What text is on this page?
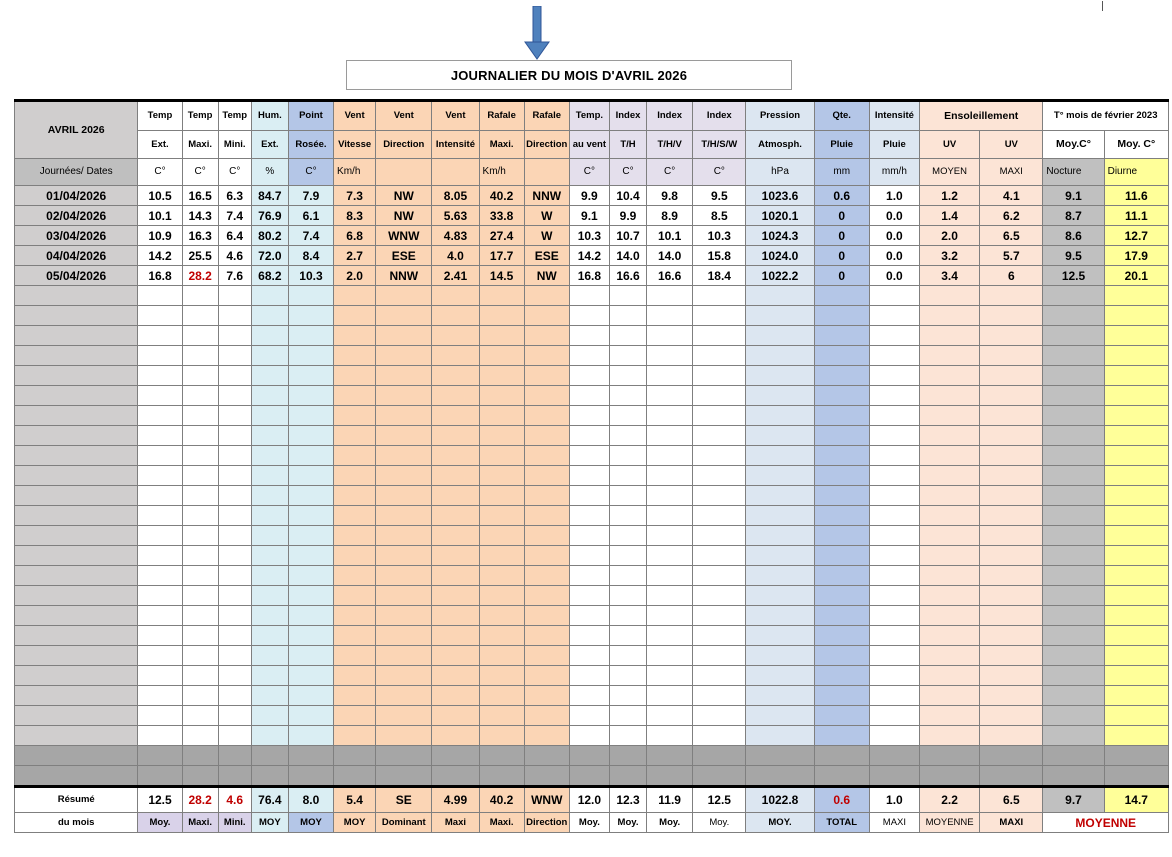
JOURNALIER DU MOIS D'AVRIL 2026
AVRIL 2026	Temp	Temp	Temp	Hum.	Point	Vent	Vent	Vent	Rafale	Rafale	Temp.	Index	Index	Index	Pression	Qte.	Intensité	Ensoleillement		T° mois de février 2023	
	Ext.	Maxi.	Mini.	Ext.	Rosée.	Vitesse	Direction	Intensité	Maxi.	Direction	au vent	T/H	T/H/V	T/H/S/W	Atmosph.	Pluie	Pluie	UV	UV	Moy.C°	Moy. C°
Journées/ Dates	C°	C°	C°	%	C°	Km/h			Km/h		C°	C°	C°	C°	hPa	mm	mm/h	MOYEN	MAXI	Nocture	Diurne
01/04/2026	10.5	16.5	6.3	84.7	7.9	7.3	NW	8.05	40.2	NNW	9.9	10.4	9.8	9.5	1023.6	0.6	1.0	1.2	4.1	9.1	11.6
02/04/2026	10.1	14.3	7.4	76.9	6.1	8.3	NW	5.63	33.8	W	9.1	9.9	8.9	8.5	1020.1	0	0.0	1.4	6.2	8.7	11.1
03/04/2026	10.9	16.3	6.4	80.2	7.4	6.8	WNW	4.83	27.4	W	10.3	10.7	10.1	10.3	1024.3	0	0.0	2.0	6.5	8.6	12.7
04/04/2026	14.2	25.5	4.6	72.0	8.4	2.7	ESE	4.0	17.7	ESE	14.2	14.0	14.0	15.8	1024.0	0	0.0	3.2	5.7	9.5	17.9
05/04/2026	16.8	28.2	7.6	68.2	10.3	2.0	NNW	2.41	14.5	NW	16.8	16.6	16.6	18.4	1022.2	0	0.0	3.4	6	12.5	20.1

Résumé	12.5	28.2	4.6	76.4	8.0	5.4	SE	4.99	40.2	WNW	12.0	12.3	11.9	12.5	1022.8	0.6	1.0	2.2	6.5	9.7	14.7
du mois	Moy.	Maxi.	Mini.	MOY	MOY	MOY	Dominant	Maxi	Maxi.	Direction	Moy.	Moy.	Moy.	Moy.	MOY.	TOTAL	MAXI	MOYENNE	MAXI	MOYENNE	
